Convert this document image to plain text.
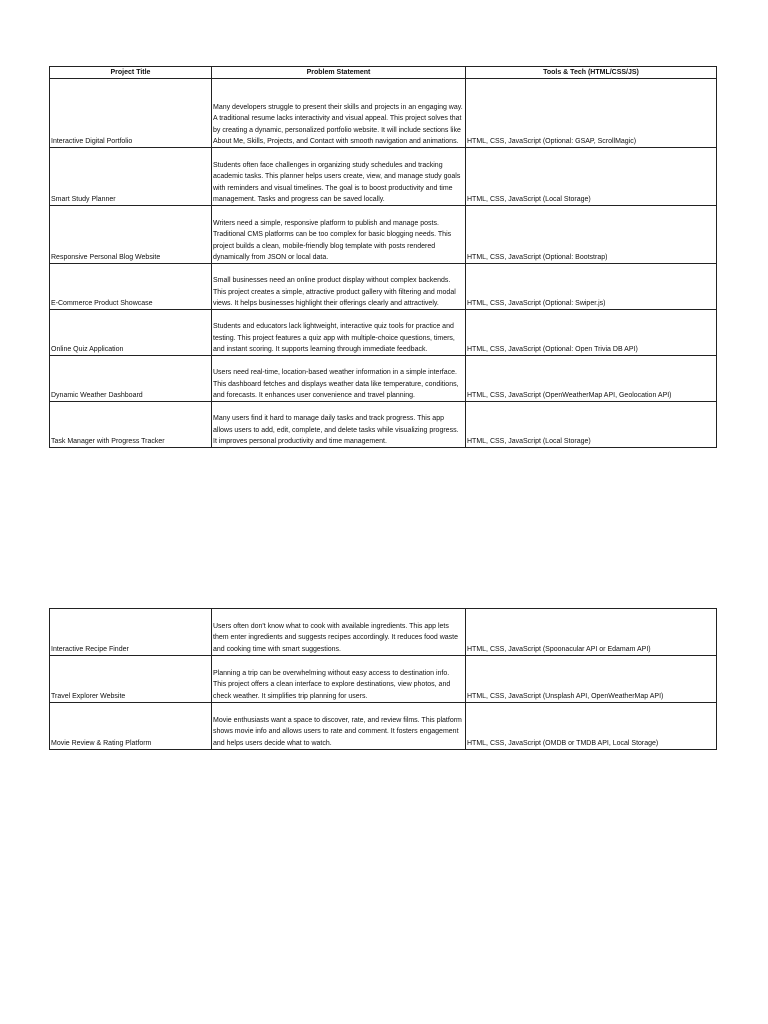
Project Title	Problem Statement	Tools & Tech (HTML/CSS/JS)
Interactive Digital Portfolio	Many developers struggle to present their skills and projects in an engaging way. A traditional resume lacks interactivity and visual appeal. This project solves that by creating a dynamic, personalized portfolio website. It will include sections like About Me, Skills, Projects, and Contact with smooth navigation and animations.	HTML, CSS, JavaScript (Optional: GSAP, ScrollMagic)
Smart Study Planner	Students often face challenges in organizing study schedules and tracking academic tasks. This planner helps users create, view, and manage study goals with reminders and visual timelines. The goal is to boost productivity and time management. Tasks and progress can be saved locally.	HTML, CSS, JavaScript (Local Storage)
Responsive Personal Blog Website	Writers need a simple, responsive platform to publish and manage posts. Traditional CMS platforms can be too complex for basic blogging needs. This project builds a clean, mobile-friendly blog template with posts rendered dynamically from JSON or local data.	HTML, CSS, JavaScript (Optional: Bootstrap)
E-Commerce Product Showcase	Small businesses need an online product display without complex backends. This project creates a simple, attractive product gallery with filtering and modal views. It helps businesses highlight their offerings clearly and attractively.	HTML, CSS, JavaScript (Optional: Swiper.js)
Online Quiz Application	Students and educators lack lightweight, interactive quiz tools for practice and testing. This project features a quiz app with multiple-choice questions, timers, and instant scoring. It supports learning through immediate feedback.	HTML, CSS, JavaScript (Optional: Open Trivia DB API)
Dynamic Weather Dashboard	Users need real-time, location-based weather information in a simple interface. This dashboard fetches and displays weather data like temperature, conditions, and forecasts. It enhances user convenience and travel planning.	HTML, CSS, JavaScript (OpenWeatherMap API, Geolocation API)
Task Manager with Progress Tracker	Many users find it hard to manage daily tasks and track progress. This app allows users to add, edit, complete, and delete tasks while visualizing progress. It improves personal productivity and time management.	HTML, CSS, JavaScript (Local Storage)
Interactive Recipe Finder	Users often don't know what to cook with available ingredients. This app lets them enter ingredients and suggests recipes accordingly. It reduces food waste and cooking time with smart suggestions.	HTML, CSS, JavaScript (Spoonacular API or Edamam API)
Travel Explorer Website	Planning a trip can be overwhelming without easy access to destination info. This project offers a clean interface to explore destinations, view photos, and check weather. It simplifies trip planning for users.	HTML, CSS, JavaScript (Unsplash API, OpenWeatherMap API)
Movie Review & Rating Platform	Movie enthusiasts want a space to discover, rate, and review films. This platform shows movie info and allows users to rate and comment. It fosters engagement and helps users decide what to watch.	HTML, CSS, JavaScript (OMDB or TMDB API, Local Storage)
